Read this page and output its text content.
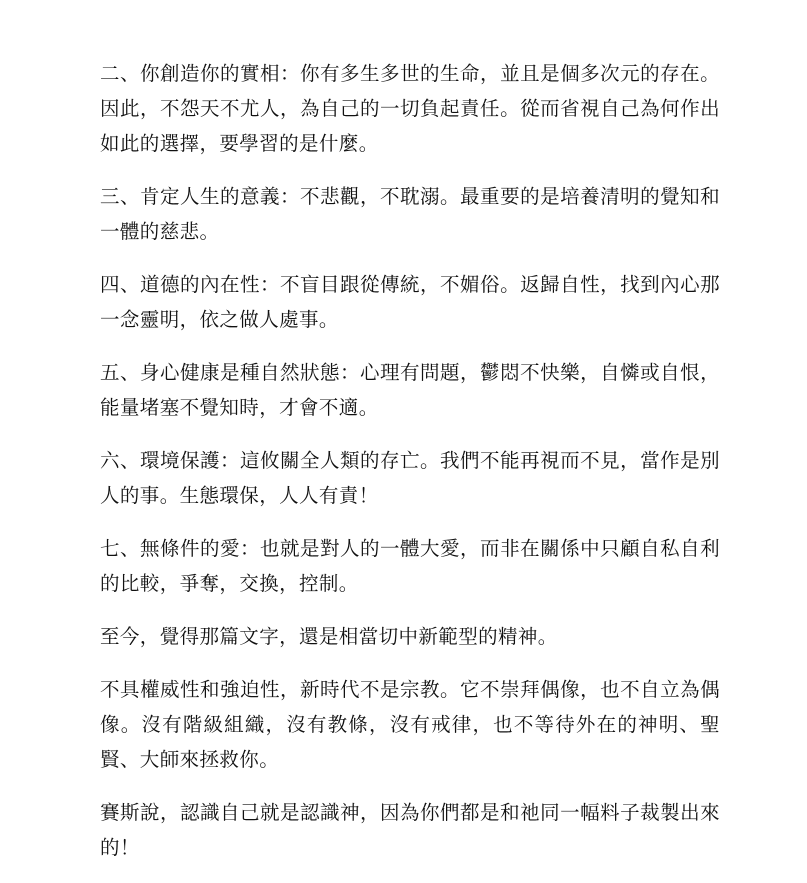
二、你創造你的實相：你有多生多世的生命，並且是個多次元的存在。因此，不怨天不尤人，為自己的一切負起責任。從而省視自己為何作出如此的選擇，要學習的是什麼。

三、肯定人生的意義：不悲觀，不耽溺。最重要的是培養清明的覺知和一體的慈悲。

四、道德的內在性：不盲目跟從傳統，不媚俗。返歸自性，找到內心那一念靈明，依之做人處事。

五、身心健康是種自然狀態：心理有問題，鬱悶不快樂，自憐或自恨，能量堵塞不覺知時，才會不適。

六、環境保護：這攸關全人類的存亡。我們不能再視而不見，當作是別人的事。生態環保，人人有責！

七、無條件的愛：也就是對人的一體大愛，而非在關係中只顧自私自利的比較，爭奪，交換，控制。

至今，覺得那篇文字，還是相當切中新範型的精神。

不具權威性和強迫性，新時代不是宗教。它不崇拜偶像，也不自立為偶像。沒有階級組織，沒有教條，沒有戒律，也不等待外在的神明、聖賢、大師來拯救你。

賽斯說，認識自己就是認識神，因為你們都是和祂同一幅料子裁製出來的！
